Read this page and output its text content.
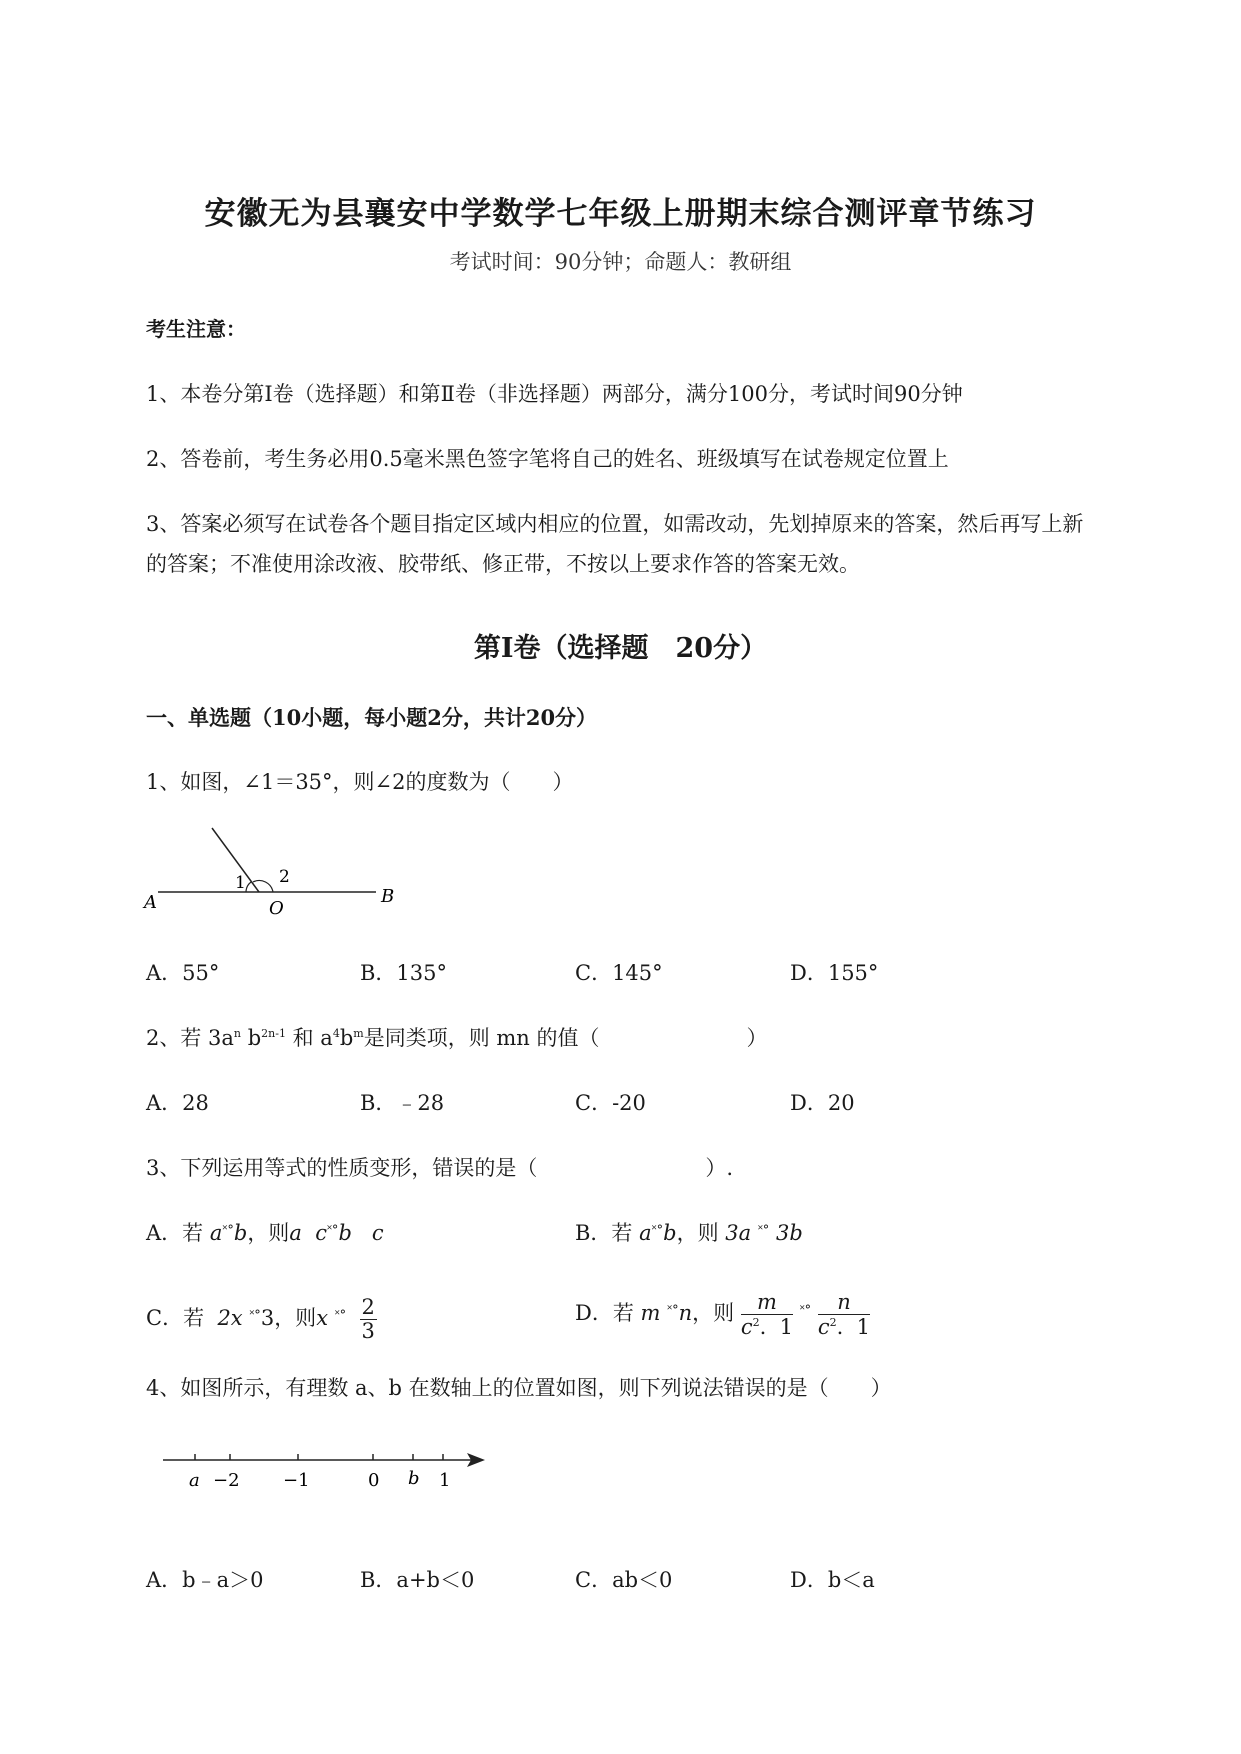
安徽无为县襄安中学数学七年级上册期末综合测评章节练习
考试时间：90分钟；命题人：教研组
考生注意：
1、本卷分第Ⅰ卷（选择题）和第Ⅱ卷（非选择题）两部分，满分100分，考试时间90分钟
2、答卷前，考生务必用0.5毫米黑色签字笔将自己的姓名、班级填写在试卷规定位置上
3、答案必须写在试卷各个题目指定区域内相应的位置，如需改动，先划掉原来的答案，然后再写上新
的答案；不准使用涂改液、胶带纸、修正带，不按以上要求作答的答案无效。
第Ⅰ卷（选择题　20分）
一、单选题（10小题，每小题2分，共计20分）
1、如图，∠1＝35°，则∠2的度数为（　　）
A	O
B
1 2
A．55°	B．135°	C．145°	D．155°
2、若 $3a^n$ $b^{2n-1}$ 和 $a^4b^m$是同类项，则 mn 的值（　　　　　　　）
A．28	B．﹣28	C．-20	D．20
3、下列运用等式的性质变形，错误的是（　　　　　　　　）.
A．若 a˟°b，则a c˟°b c	B．若 a˟°b，则 3a ˟° 3b
C．若 2x ˟°3，则x $^{˟^\circ} \frac{2}{3}$	D．若 m ˟°n，则 $\frac{m}{c^2. 1} ^{˟^\circ} \frac{n}{c^2. 1}$
4、如图所示，有理数 a、b 在数轴上的位置如图，则下列说法错误的是（　　）
a −2 −1	0 b 1
A．b﹣a＞0	B．a+b＜0	C．ab＜0	D．b＜a
